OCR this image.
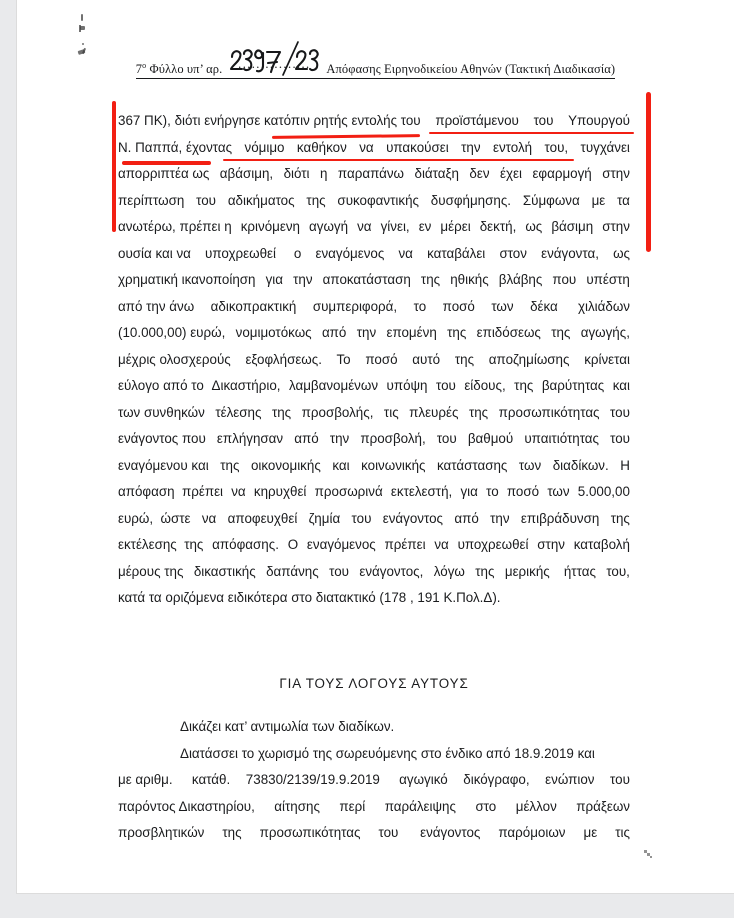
$7^o$ Φύλλο υπ’ αρ.	................	Απόφασης Ειρηνοδικείου Αθηνών (Τακτική Διαδικασία)

367 ΠΚ), διότι ενήργησε κατόπιν ρητής εντολής του προϊστάμενου του Υπουργού
Ν. Παππά, έχοντας νόμιμο καθήκον να υπακούσει την εντολή του, τυγχάνει
απορριπτέα ως αβάσιμη, διότι η παραπάνω διάταξη δεν έχει εφαρμογή στην
περίπτωση του αδικήματος της συκοφαντικής δυσφήμησης. Σύμφωνα με τα
ανωτέρω, πρέπει η κρινόμενη αγωγή να γίνει, εν μέρει δεκτή, ως βάσιμη στην
ουσία και να υποχρεωθεί ο εναγόμενος να καταβάλει στον ενάγοντα, ως
χρηματική ικανοποίηση για την αποκατάσταση της ηθικής βλάβης που υπέστη
από την άνω αδικοπρακτική συμπεριφορά, το ποσό των δέκα χιλιάδων
(10.000,00) ευρώ, νομιμοτόκως από την επομένη της επιδόσεως της αγωγής,
μέχρις ολοσχερούς εξοφλήσεως. Το ποσό αυτό της αποζημίωσης κρίνεται
εύλογο από το Δικαστήριο, λαμβανομένων υπόψη του είδους, της βαρύτητας και
των συνθηκών τέλεσης της προσβολής, τις πλευρές της προσωπικότητας του
ενάγοντος που επλήγησαν από την προσβολή, του βαθμού υπαιτιότητας του
εναγόμενου και της οικονομικής και κοινωνικής κατάστασης των διαδίκων. Η
απόφαση  πρέπει να κηρυχθεί προσωρινά εκτελεστή, για το ποσό των 5.000,00
ευρώ,  ώστε να αποφευχθεί ζημία του ενάγοντος από την επιβράδυνση της
εκτέλεσης  της απόφασης. Ο εναγόμενος πρέπει να υποχρεωθεί στην καταβολή
μέρους της δικαστικής δαπάνης του ενάγοντος, λόγω της μερικής ήττας του,
κατά τα οριζόμενα ειδικότερα στο διατακτικό (178 , 191 Κ.Πολ.Δ).

ΓΙΑ ΤΟΥΣ ΛΟΓΟΥΣ ΑΥΤΟΥΣ

Δικάζει κατ’ αντιμωλία των διαδίκων.

Διατάσσει το χωρισμό της σωρευόμενης στο ένδικο από 18.9.2019 και
με αριθμ. κατάθ. 73830/2139/19.9.2019 αγωγικό δικόγραφο, ενώπιον του
παρόντος Δικαστηρίου, αίτησης περί παράλειψης στο μέλλον πράξεων
προσβλητικών της προσωπικότητας του ενάγοντος παρόμοιων με τις
